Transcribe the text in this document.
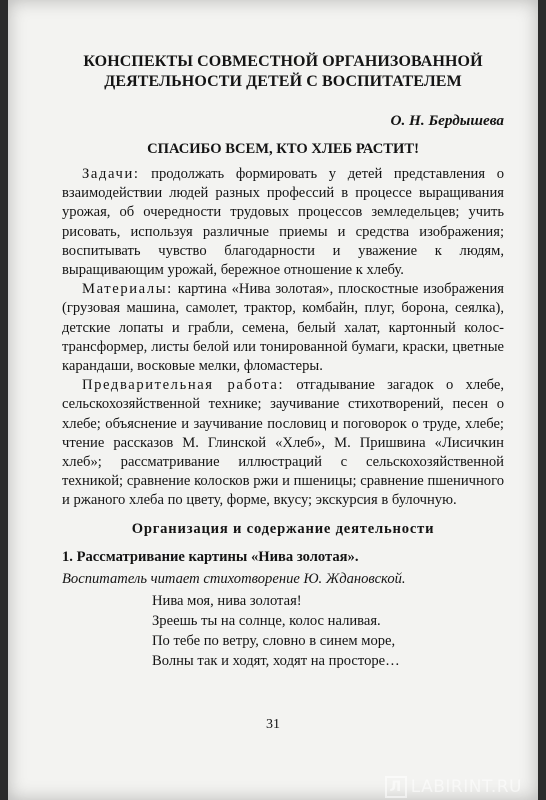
КОНСПЕКТЫ СОВМЕСТНОЙ ОРГАНИЗОВАННОЙ
ДЕЯТЕЛЬНОСТИ ДЕТЕЙ С ВОСПИТАТЕЛЕМ
О. Н. Бердышева
СПАСИБО ВСЕМ, КТО ХЛЕБ РАСТИТ!

Задачи: продолжать формировать у детей представления о взаимодействии людей разных профессий в процессе выращивания урожая, об очередности трудовых процессов земледельцев; учить рисовать, используя различные приемы и средства изображения; воспитывать чувство благодарности и уважение к людям, выращивающим урожай, бережное отношение к хлебу.

Материалы: картина «Нива золотая», плоскостные изображения (грузовая машина, самолет, трактор, комбайн, плуг, борона, сеялка), детские лопаты и грабли, семена, белый халат, картонный колос-трансформер, листы белой или тонированной бумаги, краски, цветные карандаши, восковые мелки, фломастеры.

Предварительная работа: отгадывание загадок о хлебе, сельскохозяйственной технике; заучивание стихотворений, песен о хлебе; объяснение и заучивание пословиц и поговорок о труде, хлебе; чтение рассказов М. Глинской «Хлеб», М. Пришвина «Лисичкин хлеб»; рассматривание иллюстраций с сельскохозяйственной техникой; сравнение колосков ржи и пшеницы; сравнение пшеничного и ржаного хлеба по цвету, форме, вкусу; экскурсия в булочную.

Организация и содержание деятельности
1. Рассматривание картины «Нива золотая».
Воспитатель читает стихотворение Ю. Ждановской.
Нива моя, нива золотая!
Зреешь ты на солнце, колос наливая.
По тебе по ветру, словно в синем море,
Волны так и ходят, ходят на просторе…
31
Л LABIRINT.RU
